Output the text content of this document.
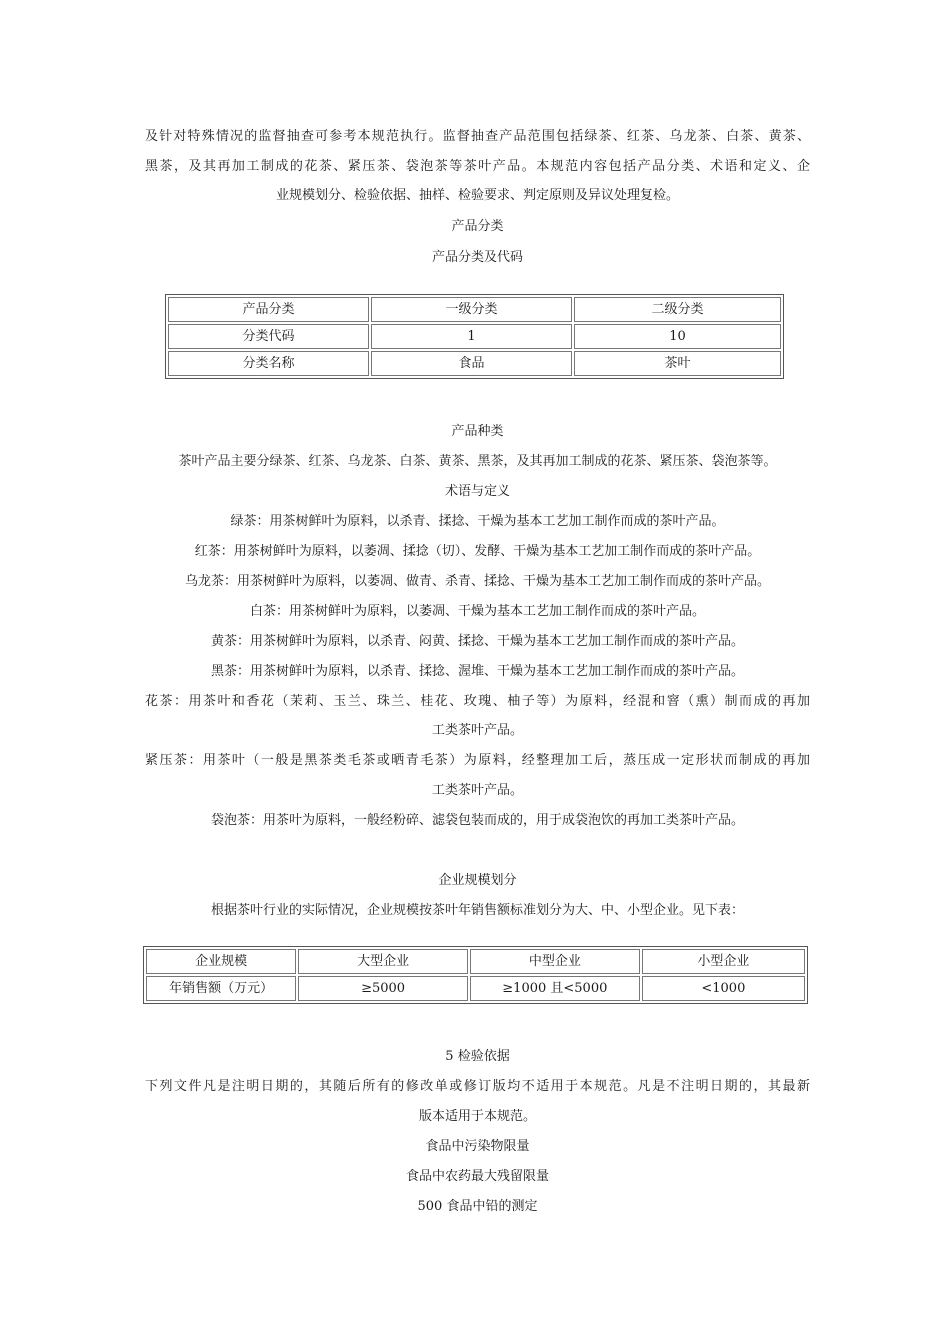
及针对特殊情况的监督抽查可参考本规范执行。监督抽查产品范围包括绿茶、红茶、乌龙茶、白茶、黄茶、
黑茶，及其再加工制成的花茶、紧压茶、袋泡茶等茶叶产品。本规范内容包括产品分类、术语和定义、企
业规模划分、检验依据、抽样、检验要求、判定原则及异议处理复检。
产品分类
产品分类及代码
产品分类	一级分类	二级分类
分类代码	1	10
分类名称	食品	茶叶
产品种类
茶叶产品主要分绿茶、红茶、乌龙茶、白茶、黄茶、黑茶，及其再加工制成的花茶、紧压茶、袋泡茶等。
术语与定义
绿茶：用茶树鲜叶为原料，以杀青、揉捻、干燥为基本工艺加工制作而成的茶叶产品。
红茶：用茶树鲜叶为原料，以萎凋、揉捻（切）、发酵、干燥为基本工艺加工制作而成的茶叶产品。
乌龙茶：用茶树鲜叶为原料，以萎凋、做青、杀青、揉捻、干燥为基本工艺加工制作而成的茶叶产品。
白茶：用茶树鲜叶为原料，以萎凋、干燥为基本工艺加工制作而成的茶叶产品。
黄茶：用茶树鲜叶为原料，以杀青、闷黄、揉捻、干燥为基本工艺加工制作而成的茶叶产品。
黑茶：用茶树鲜叶为原料，以杀青、揉捻、渥堆、干燥为基本工艺加工制作而成的茶叶产品。
花茶：用茶叶和香花（茉莉、玉兰、珠兰、桂花、玫瑰、柚子等）为原料，经混和窨（熏）制而成的再加
工类茶叶产品。
紧压茶：用茶叶（一般是黑茶类毛茶或晒青毛茶）为原料，经整理加工后，蒸压成一定形状而制成的再加
工类茶叶产品。
袋泡茶：用茶叶为原料，一般经粉碎、滤袋包装而成的，用于成袋泡饮的再加工类茶叶产品。
企业规模划分
根据茶叶行业的实际情况，企业规模按茶叶年销售额标准划分为大、中、小型企业。见下表：
企业规模	大型企业	中型企业	小型企业
年销售额（万元）	≥5000	≥1000 且<5000	<1000
5 检验依据
下列文件凡是注明日期的，其随后所有的修改单或修订版均不适用于本规范。凡是不注明日期的，其最新
版本适用于本规范。
食品中污染物限量
食品中农药最大残留限量
500 食品中铅的测定
